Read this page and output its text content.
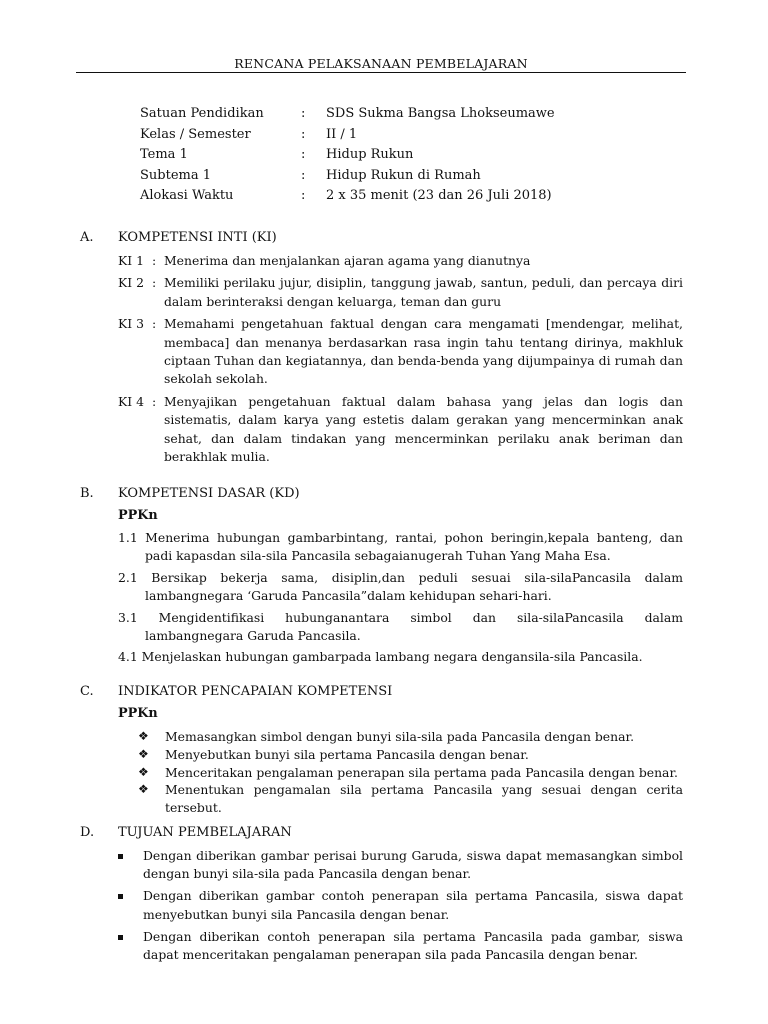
RENCANA PELAKSANAAN PEMBELAJARAN
Satuan Pendidikan	: SDS Sukma Bangsa Lhokseumawe
Kelas / Semester	: II / 1
Tema 1	: Hidup Rukun
Subtema 1	: Hidup Rukun di Rumah
Alokasi Waktu	: 2 x 35 menit (23 dan 26 Juli 2018)
A. KOMPETENSI INTI (KI)
KI 1 : Menerima dan menjalankan ajaran agama yang dianutnya
KI 2 : Memiliki perilaku jujur, disiplin, tanggung jawab, santun, peduli, dan percaya diri dalam berinteraksi dengan keluarga, teman dan guru
KI 3 : Memahami pengetahuan faktual dengan cara mengamati [mendengar, melihat, membaca] dan menanya berdasarkan rasa ingin tahu tentang dirinya, makhluk ciptaan Tuhan dan kegiatannya, dan benda-benda yang dijumpainya di rumah dan sekolah sekolah.
KI 4 : Menyajikan pengetahuan faktual dalam bahasa yang jelas dan logis dan sistematis, dalam karya yang estetis dalam gerakan yang mencerminkan anak sehat, dan dalam tindakan yang mencerminkan perilaku anak beriman dan berakhlak mulia.
B. KOMPETENSI DASAR (KD)
PPKn
1.1 Menerima hubungan gambarbintang, rantai, pohon beringin,kepala banteng, dan padi kapasdan sila-sila Pancasila sebagaianugerah Tuhan Yang Maha Esa.
2.1 Bersikap bekerja sama, disiplin,dan peduli sesuai sila-silaPancasila dalam lambangnegara ‘Garuda Pancasila”dalam kehidupan sehari-hari.
3.1 Mengidentifikasi hubunganantara simbol dan sila-silaPancasila dalam lambangnegara Garuda Pancasila.
4.1 Menjelaskan hubungan gambarpada lambang negara dengansila-sila Pancasila.
C. INDIKATOR PENCAPAIAN KOMPETENSI
PPKn
❖ Memasangkan simbol dengan bunyi sila-sila pada Pancasila dengan benar.
❖ Menyebutkan bunyi sila pertama Pancasila dengan benar.
❖ Menceritakan pengalaman penerapan sila pertama pada Pancasila dengan benar.
❖ Menentukan pengamalan sila pertama Pancasila yang sesuai dengan cerita tersebut.
D. TUJUAN PEMBELAJARAN
Dengan diberikan gambar perisai burung Garuda, siswa dapat memasangkan simbol dengan bunyi sila-sila pada Pancasila dengan benar.
Dengan diberikan gambar contoh penerapan sila pertama Pancasila, siswa dapat menyebutkan bunyi sila Pancasila dengan benar.
Dengan diberikan contoh penerapan sila pertama Pancasila pada gambar, siswa dapat menceritakan pengalaman penerapan sila pada Pancasila dengan benar.
